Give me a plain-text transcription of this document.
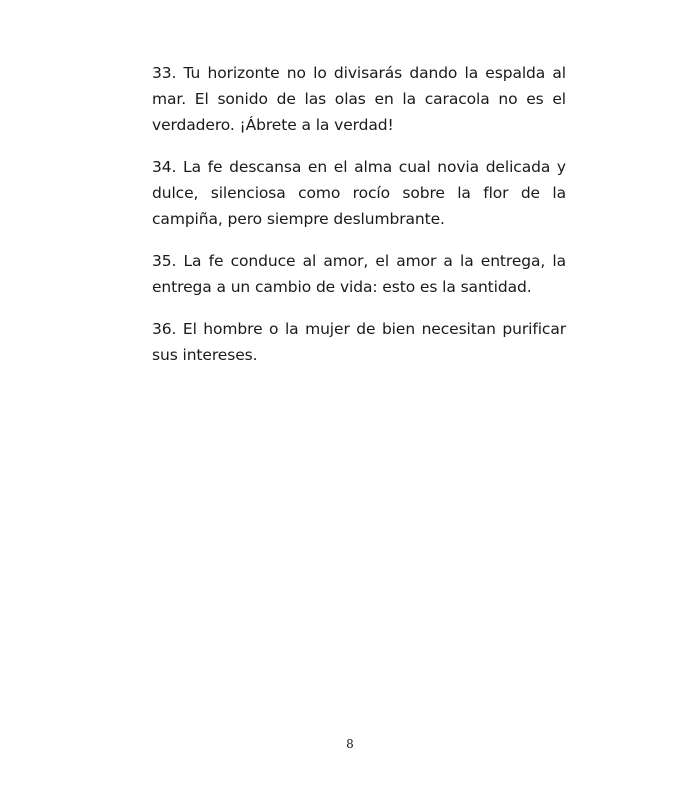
33. Tu horizonte no lo divisarás dando la espalda al mar. El sonido de las olas en la caracola no es el verdadero. ¡Ábrete a la verdad!

34. La fe descansa en el alma cual novia delicada y dulce, silenciosa como rocío sobre la flor de la campiña, pero siempre deslumbrante.

35. La fe conduce al amor, el amor a la entrega, la entrega a un cambio de vida: esto es la santidad.

36. El hombre o la mujer de bien necesitan purificar sus intereses.

8
